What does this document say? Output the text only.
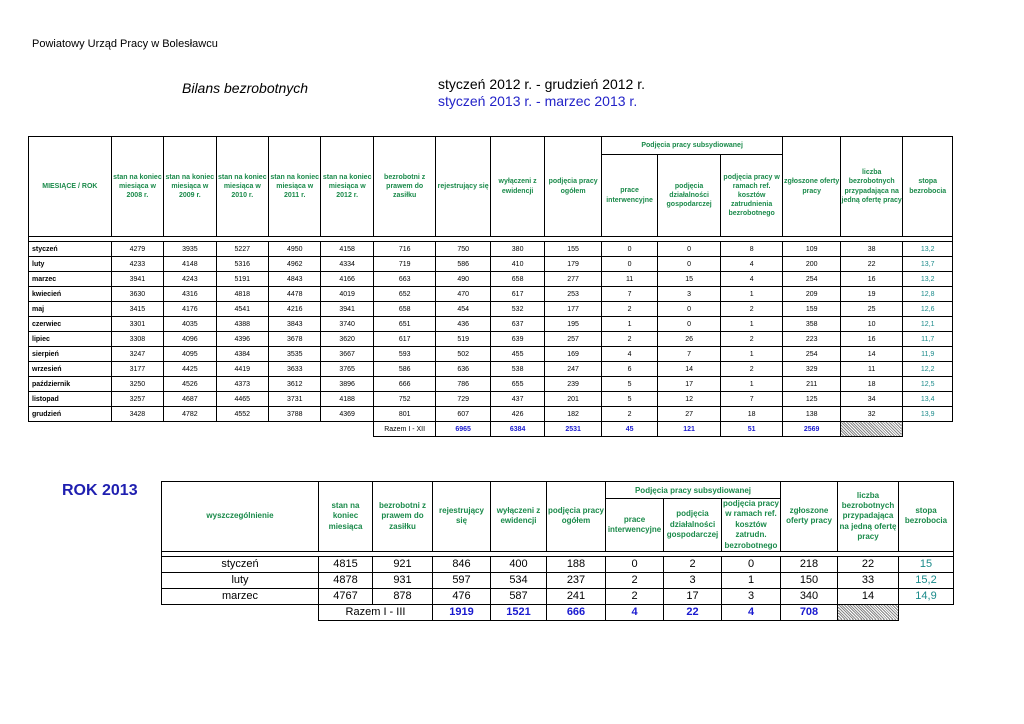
Powiatowy Urząd Pracy w Bolesławcu
Bilans bezrobotnych	styczeń 2012 r. - grudzień 2012 r.
styczeń 2013 r. - marzec 2013 r.
MIESIĄCE / ROK	stan na koniec miesiąca w 2008 r.	stan na koniec miesiąca w 2009 r.	stan na koniec miesiąca w 2010 r.	stan na koniec miesiąca w 2011 r.	stan na koniec miesiąca w 2012 r.	bezrobotni z prawem do zasiłku	rejestrujący się	wyłączeni z ewidencji	podjęcia pracy ogółem	Podjęcia pracy subsydiowanej			zgłoszone oferty pracy	liczba bezrobotnych przypadająca na jedną ofertę pracy	stopa bezrobocia
										prace interwencyjne	podjęcia działalności gospodarczej	podjęcia pracy w ramach ref. kosztów zatrudnienia bezrobotnego			

styczeń	4279	3935	5227	4950	4158	716	750	380	155	0	0	8	109	38	13,2
luty	4233	4148	5316	4962	4334	719	586	410	179	0	0	4	200	22	13,7
marzec	3941	4243	5191	4843	4166	663	490	658	277	11	15	4	254	16	13,2
kwiecień	3630	4316	4818	4478	4019	652	470	617	253	7	3	1	209	19	12,8
maj	3415	4176	4541	4216	3941	658	454	532	177	2	0	2	159	25	12,6
czerwiec	3301	4035	4388	3843	3740	651	436	637	195	1	0	1	358	10	12,1
lipiec	3308	4096	4396	3678	3620	617	519	639	257	2	26	2	223	16	11,7
sierpień	3247	4095	4384	3535	3667	593	502	455	169	4	7	1	254	14	11,9
wrzesień	3177	4425	4419	3633	3765	586	636	538	247	6	14	2	329	11	12,2
październik	3250	4526	4373	3612	3896	666	786	655	239	5	17	1	211	18	12,5
listopad	3257	4687	4465	3731	4188	752	729	437	201	5	12	7	125	34	13,4
grudzień	3428	4782	4552	3788	4369	801	607	426	182	2	27	18	138	32	13,9
						Razem I - XII	6965	6384	2531	45	121	51	2569		
ROK 2013
wyszczególnienie	stan na koniec miesiąca	bezrobotni z prawem do zasiłku	rejestrujący się	wyłączeni z ewidencji	podjęcia pracy ogółem	Podjęcia pracy subsydiowanej			zgłoszone oferty pracy	liczba bezrobotnych przypadająca na jedną ofertę pracy	stopa bezrobocia
						prace interwencyjne	podjęcia działalności gospodarczej	podjęcia pracy w ramach ref. kosztów zatrudn. bezrobotnego			

styczeń	4815	921	846	400	188	0	2	0	218	22	15
luty	4878	931	597	534	237	2	3	1	150	33	15,2
marzec	4767	878	476	587	241	2	17	3	340	14	14,9
	Razem I - III		1919	1521	666	4	22	4	708		
